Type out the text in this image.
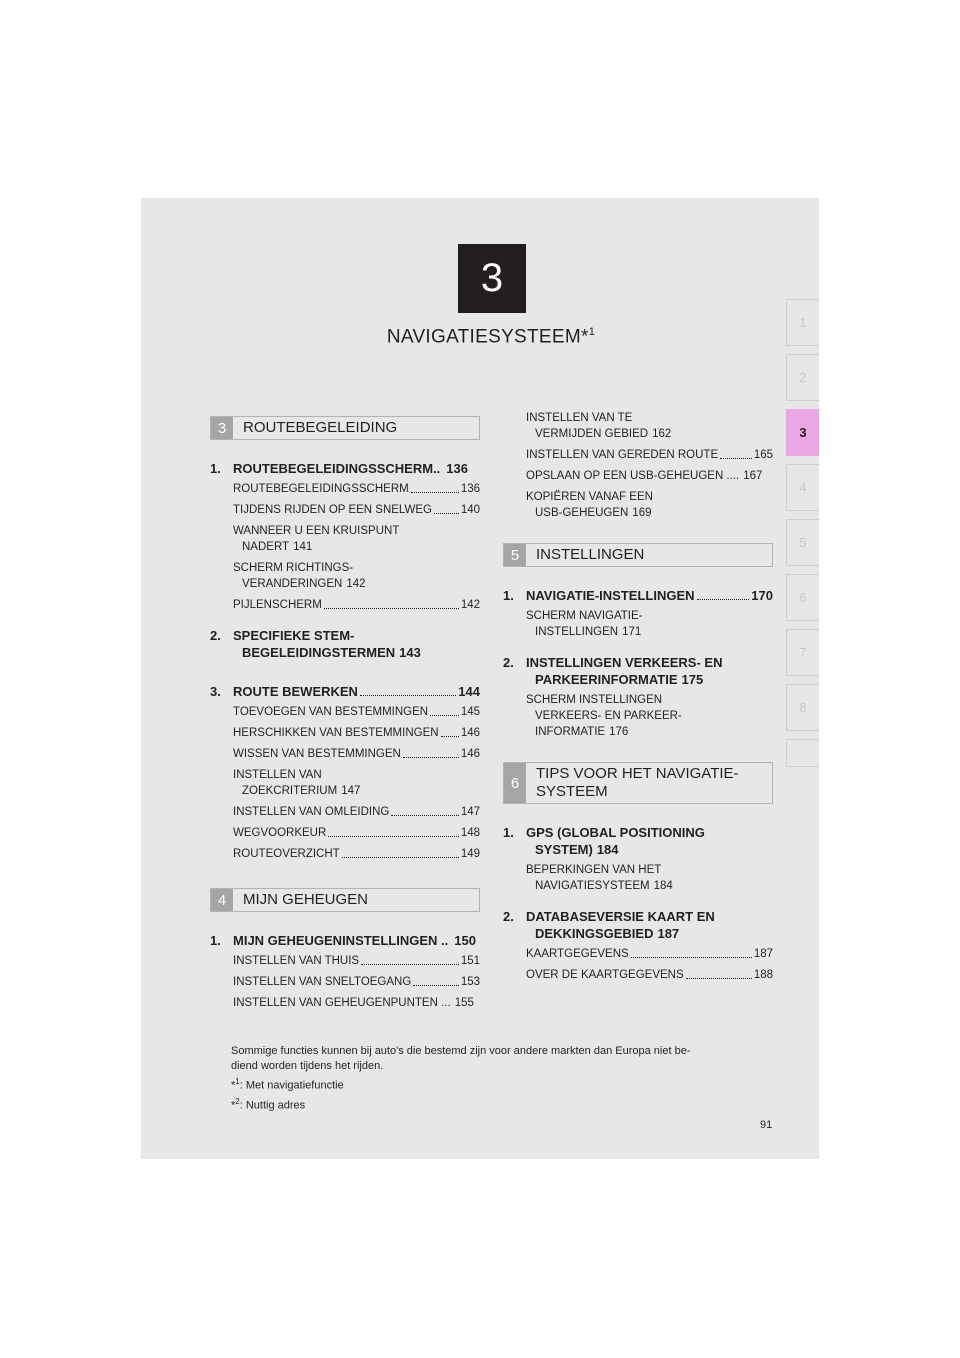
3
NAVIGATIESYSTEEM*$^1$
1
2
3
4
5
6
7
8
3	ROUTEBEGELEIDING
1. ROUTEBEGELEIDINGSSCHERM.. 136
ROUTEBEGELEIDINGSSCHERM	136
TIJDENS RIJDEN OP EEN SNELWEG	140
WANNEER U EEN KRUISPUNT
NADERT 141
SCHERM RICHTINGS-
VERANDERINGEN 142
PIJLENSCHERM	142
2. SPECIFIEKE STEM-
BEGELEIDINGSTERMEN 143
3. ROUTE BEWERKEN	144
TOEVOEGEN VAN BESTEMMINGEN	145
HERSCHIKKEN VAN BESTEMMINGEN 146
WISSEN VAN BESTEMMINGEN	146
INSTELLEN VAN
ZOEKCRITERIUM 147
INSTELLEN VAN OMLEIDING	147
WEGVOORKEUR	148
ROUTEOVERZICHT	149
4	MIJN GEHEUGEN
1. MIJN GEHEUGENINSTELLINGEN .. 150
INSTELLEN VAN THUIS	151
INSTELLEN VAN SNELTOEGANG	153
INSTELLEN VAN GEHEUGENPUNTEN ... 155
INSTELLEN VAN TE
VERMIJDEN GEBIED 162
INSTELLEN VAN GEREDEN ROUTE	165
OPSLAAN OP EEN USB-GEHEUGEN .... 167
KOPIËREN VANAF EEN
USB-GEHEUGEN 169
5	INSTELLINGEN
1. NAVIGATIE-INSTELLINGEN	170
SCHERM NAVIGATIE-
INSTELLINGEN 171
2. INSTELLINGEN VERKEERS- EN
PARKEERINFORMATIE 175
SCHERM INSTELLINGEN
VERKEERS- EN PARKEER-
INFORMATIE 176
6
TIPS VOOR HET NAVIGATIE-
SYSTEEM
1. GPS (GLOBAL POSITIONING
SYSTEM) 184
BEPERKINGEN VAN HET
NAVIGATIESYSTEEM 184
2. DATABASEVERSIE KAART EN
DEKKINGSGEBIED 187
KAARTGEGEVENS	187
OVER DE KAARTGEGEVENS	188
Sommige functies kunnen bij auto's die bestemd zijn voor andere markten dan Europa niet be-
diend worden tijdens het rijden.
*$^1$: Met navigatiefunctie
*$^2$: Nuttig adres
91
